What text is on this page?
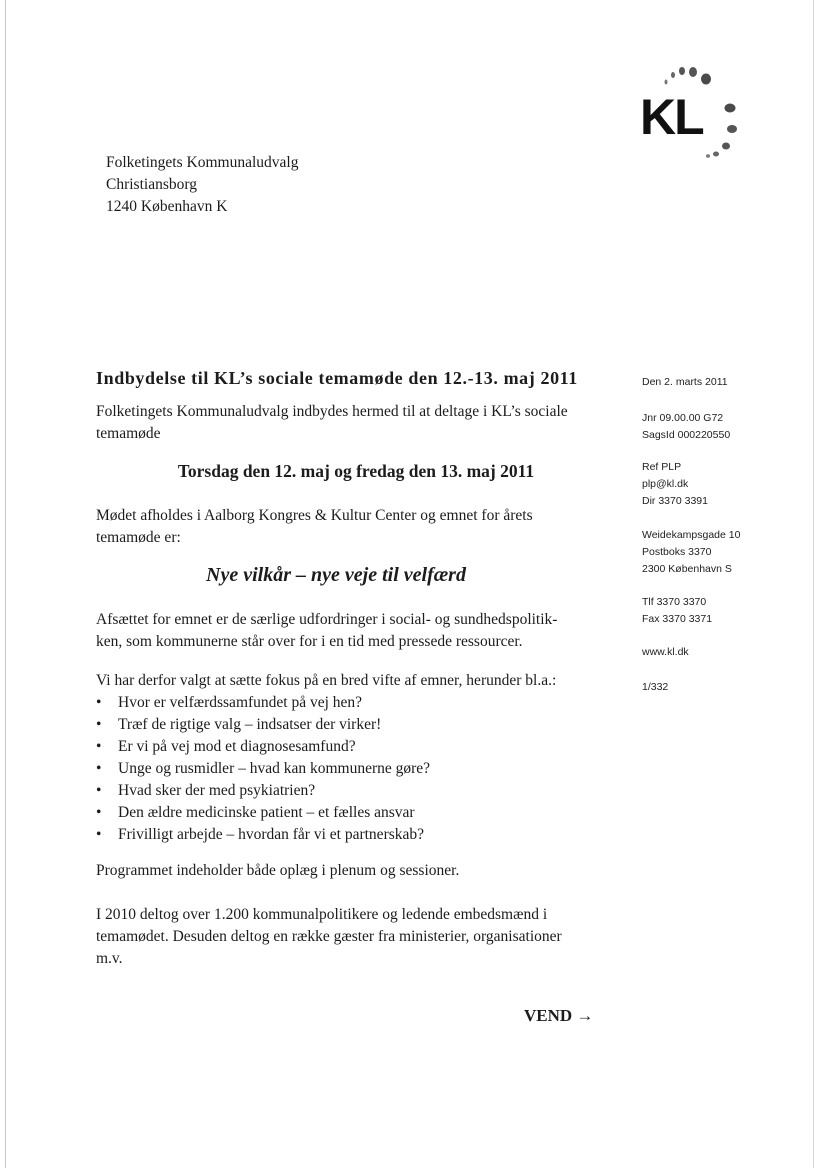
KL
Folketingets Kommunaludvalg
Christiansborg
1240 København K
Indbydelse til KL’s sociale temamøde den 12.-13. maj 2011	Den 2. marts 2011
Jnr 09.00.00 G72
SagsId 000220550
Ref PLP
plp@kl.dk
Dir 3370 3391
Weidekampsgade 10
Postboks 3370
2300 København S
Tlf 3370 3370
Fax 3370 3371
www.kl.dk
1/332
Folketingets Kommunaludvalg indbydes hermed til at deltage i KL’s sociale
temamøde
Torsdag den 12. maj og fredag den 13. maj 2011
Mødet afholdes i Aalborg Kongres & Kultur Center og emnet for årets
temamøde er:
Nye vilkår – nye veje til velfærd
Afsættet for emnet er de særlige udfordringer i social- og sundhedspolitik-
ken, som kommunerne står over for i en tid med pressede ressourcer.
Vi har derfor valgt at sætte fokus på en bred vifte af emner, herunder bl.a.:
• Hvor er velfærdssamfundet på vej hen?
• Træf de rigtige valg – indsatser der virker!
• Er vi på vej mod et diagnosesamfund?
• Unge og rusmidler – hvad kan kommunerne gøre?
• Hvad sker der med psykiatrien?
• Den ældre medicinske patient – et fælles ansvar
• Frivilligt arbejde – hvordan får vi et partnerskab?
Programmet indeholder både oplæg i plenum og sessioner.
I 2010 deltog over 1.200 kommunalpolitikere og ledende embedsmænd i
temamødet. Desuden deltog en række gæster fra ministerier, organisationer
m.v.
VEND →
